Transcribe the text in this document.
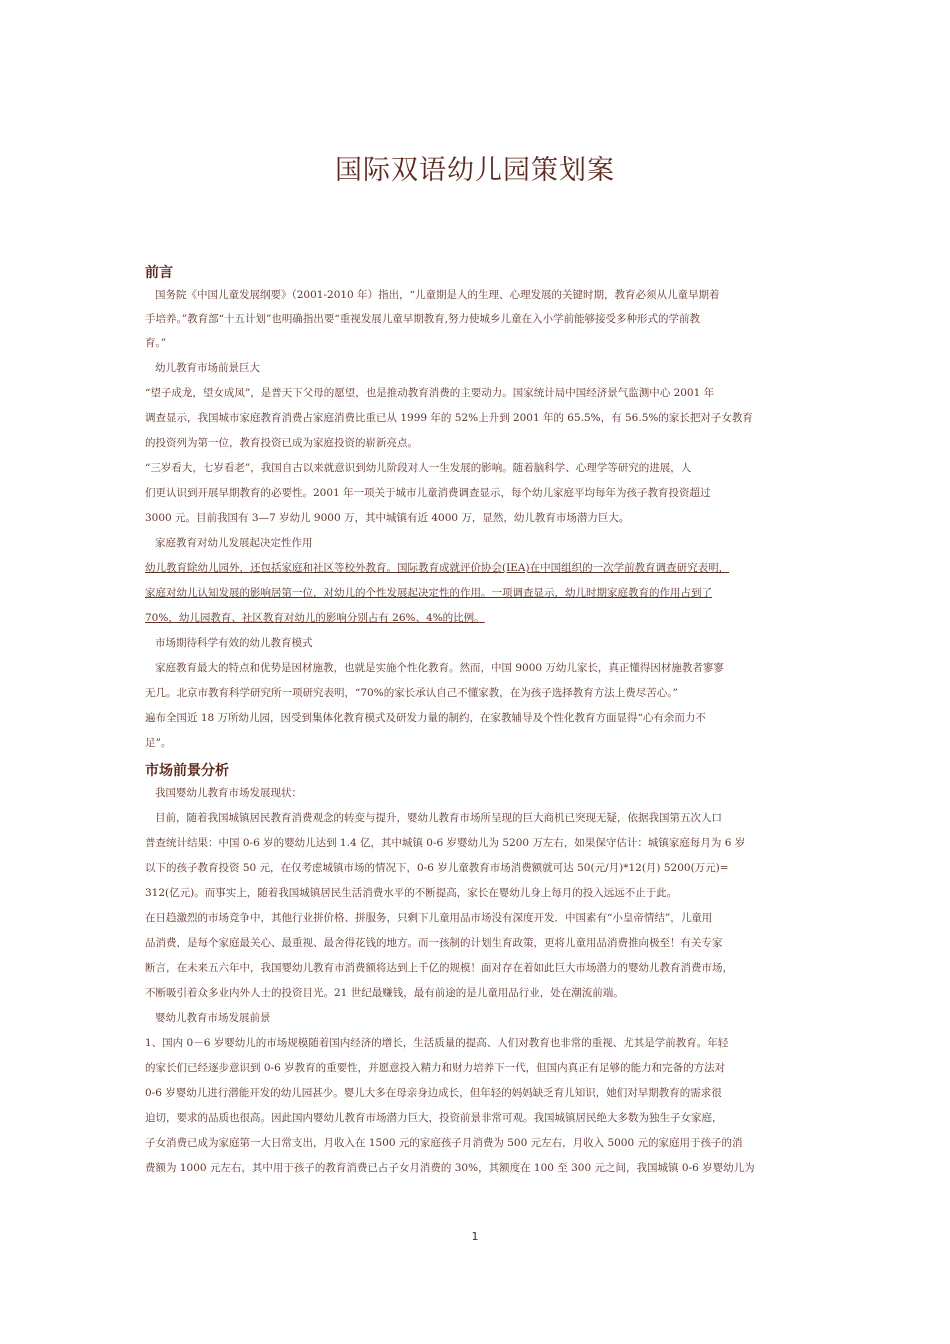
国际双语幼儿园策划案
前言
国务院《中国儿童发展纲要》（2001-2010 年）指出，“儿童期是人的生理、心理发展的关键时期，教育必须从儿童早期着
手培养。”教育部“十五计划”也明确指出要“重视发展儿童早期教育,努力使城乡儿童在入小学前能够接受多种形式的学前教
育。”
幼儿教育市场前景巨大
“望子成龙，望女成凤”，是普天下父母的愿望，也是推动教育消费的主要动力。国家统计局中国经济景气监测中心 2001 年
调查显示，我国城市家庭教育消费占家庭消费比重已从 1999 年的 52%上升到 2001 年的 65.5%，有 56.5%的家长把对子女教育
的投资列为第一位，教育投资已成为家庭投资的崭新亮点。
“三岁看大，七岁看老”，我国自古以来就意识到幼儿阶段对人一生发展的影响。随着脑科学、心理学等研究的进展，人
们更认识到开展早期教育的必要性。2001 年一项关于城市儿童消费调查显示，每个幼儿家庭平均每年为孩子教育投资超过
3000 元。目前我国有 3—7 岁幼儿 9000 万，其中城镇有近 4000 万，显然，幼儿教育市场潜力巨大。
家庭教育对幼儿发展起决定性作用
幼儿教育除幼儿园外，还包括家庭和社区等校外教育。国际教育成就评价协会(IEA)在中国组织的一次学前教育调查研究表明，
家庭对幼儿认知发展的影响居第一位，对幼儿的个性发展起决定性的作用。一项调查显示，幼儿时期家庭教育的作用占到了
70%，幼儿园教育、社区教育对幼儿的影响分别占有 26%、4%的比例。
市场期待科学有效的幼儿教育模式
家庭教育最大的特点和优势是因材施教，也就是实施个性化教育。然而，中国 9000 万幼儿家长，真正懂得因材施教者寥寥
无几。北京市教育科学研究所一项研究表明，“70%的家长承认自己不懂家教，在为孩子选择教育方法上费尽苦心。”
遍布全国近 18 万所幼儿园，因受到集体化教育模式及研发力量的制约，在家教辅导及个性化教育方面显得“心有余而力不
足”。
市场前景分析
我国婴幼儿教育市场发展现状：
目前，随着我国城镇居民教育消费观念的转变与提升，婴幼儿教育市场所呈现的巨大商机已突现无疑，依据我国第五次人口
普查统计结果：中国 0-6 岁的婴幼儿达到 1.4 亿，其中城镇 0-6 岁婴幼儿为 5200 万左右，如果保守估计：城镇家庭每月为 6 岁
以下的孩子教育投资 50 元，在仅考虑城镇市场的情况下，0-6 岁儿童教育市场消费额就可达 50(元/月)*12(月) 5200(万元)=
312(亿元)。而事实上，随着我国城镇居民生活消费水平的不断提高，家长在婴幼儿身上每月的投入远远不止于此。
在日趋激烈的市场竞争中，其他行业拼价格、拼服务，只剩下儿童用品市场没有深度开发．中国素有“小皇帝情结”，儿童用
品消费，是每个家庭最关心、最重视、最舍得花钱的地方。而一孩制的计划生育政策，更将儿童用品消费推向极至！有关专家
断言，在未来五六年中，我国婴幼儿教育市消费额将达到上千亿的规模！面对存在着如此巨大市场潜力的婴幼儿教育消费市场，
不断吸引着众多业内外人士的投资目光。21 世纪最赚钱，最有前途的是儿童用品行业，处在潮流前端。
婴幼儿教育市场发展前景
1、国内 0－6 岁婴幼儿的市场规模随着国内经济的增长，生活质量的提高、人们对教育也非常的重视、尤其是学前教育。年轻
的家长们已经逐步意识到 0-6 岁教育的重要性，并愿意投入精力和财力培养下一代，但国内真正有足够的能力和完备的方法对
0-6 岁婴幼儿进行潜能开发的幼儿园甚少。婴儿大多在母亲身边成长，但年轻的妈妈缺乏育儿知识，她们对早期教育的需求很
迫切，要求的品质也很高。因此国内婴幼儿教育市场潜力巨大，投资前景非常可观。我国城镇居民绝大多数为独生子女家庭，
子女消费已成为家庭第一大日常支出，月收入在 1500 元的家庭孩子月消费为 500 元左右，月收入 5000 元的家庭用于孩子的消
费额为 1000 元左右，其中用于孩子的教育消费已占子女月消费的 30%，其额度在 100 至 300 元之间，我国城镇 0-6 岁婴幼儿为
1
